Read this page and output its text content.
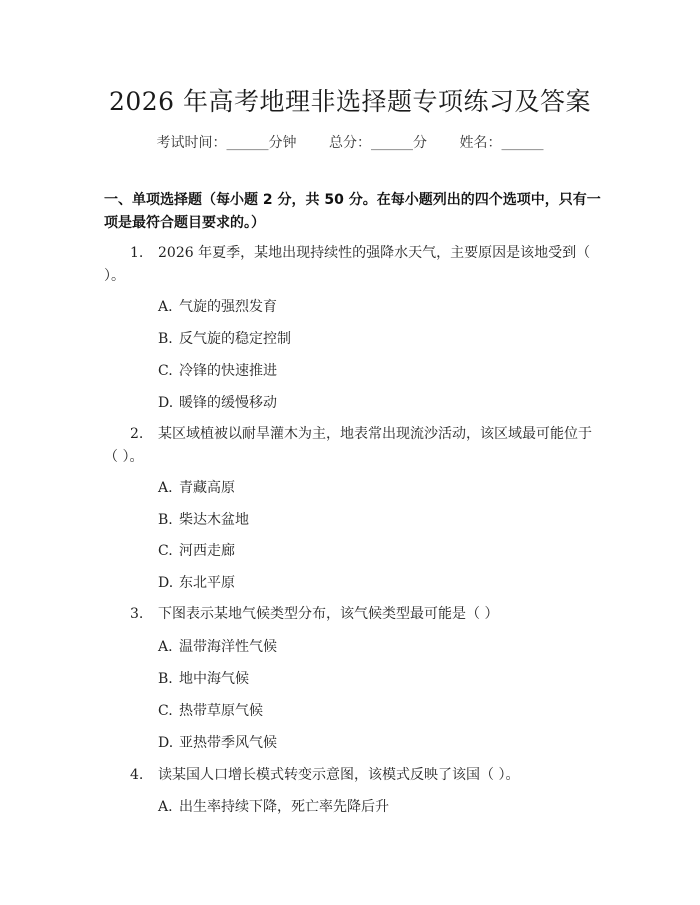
2026 年高考地理非选择题专项练习及答案
考试时间：______分钟 总分：______分 姓名：______
一、单项选择题（每小题 2 分，共 50 分。在每小题列出的四个选项中，只有一项是最符合题目要求的。）
1. 2026 年夏季，某地出现持续性的强降水天气，主要原因是该地受到（ ）。
A. 气旋的强烈发育
B. 反气旋的稳定控制
C. 冷锋的快速推进
D. 暖锋的缓慢移动
2. 某区域植被以耐旱灌木为主，地表常出现流沙活动，该区域最可能位于（ ）。
A. 青藏高原
B. 柴达木盆地
C. 河西走廊
D. 东北平原
3. 下图表示某地气候类型分布，该气候类型最可能是（ ）
A. 温带海洋性气候
B. 地中海气候
C. 热带草原气候
D. 亚热带季风气候
4. 读某国人口增长模式转变示意图，该模式反映了该国（ ）。
A. 出生率持续下降，死亡率先降后升
